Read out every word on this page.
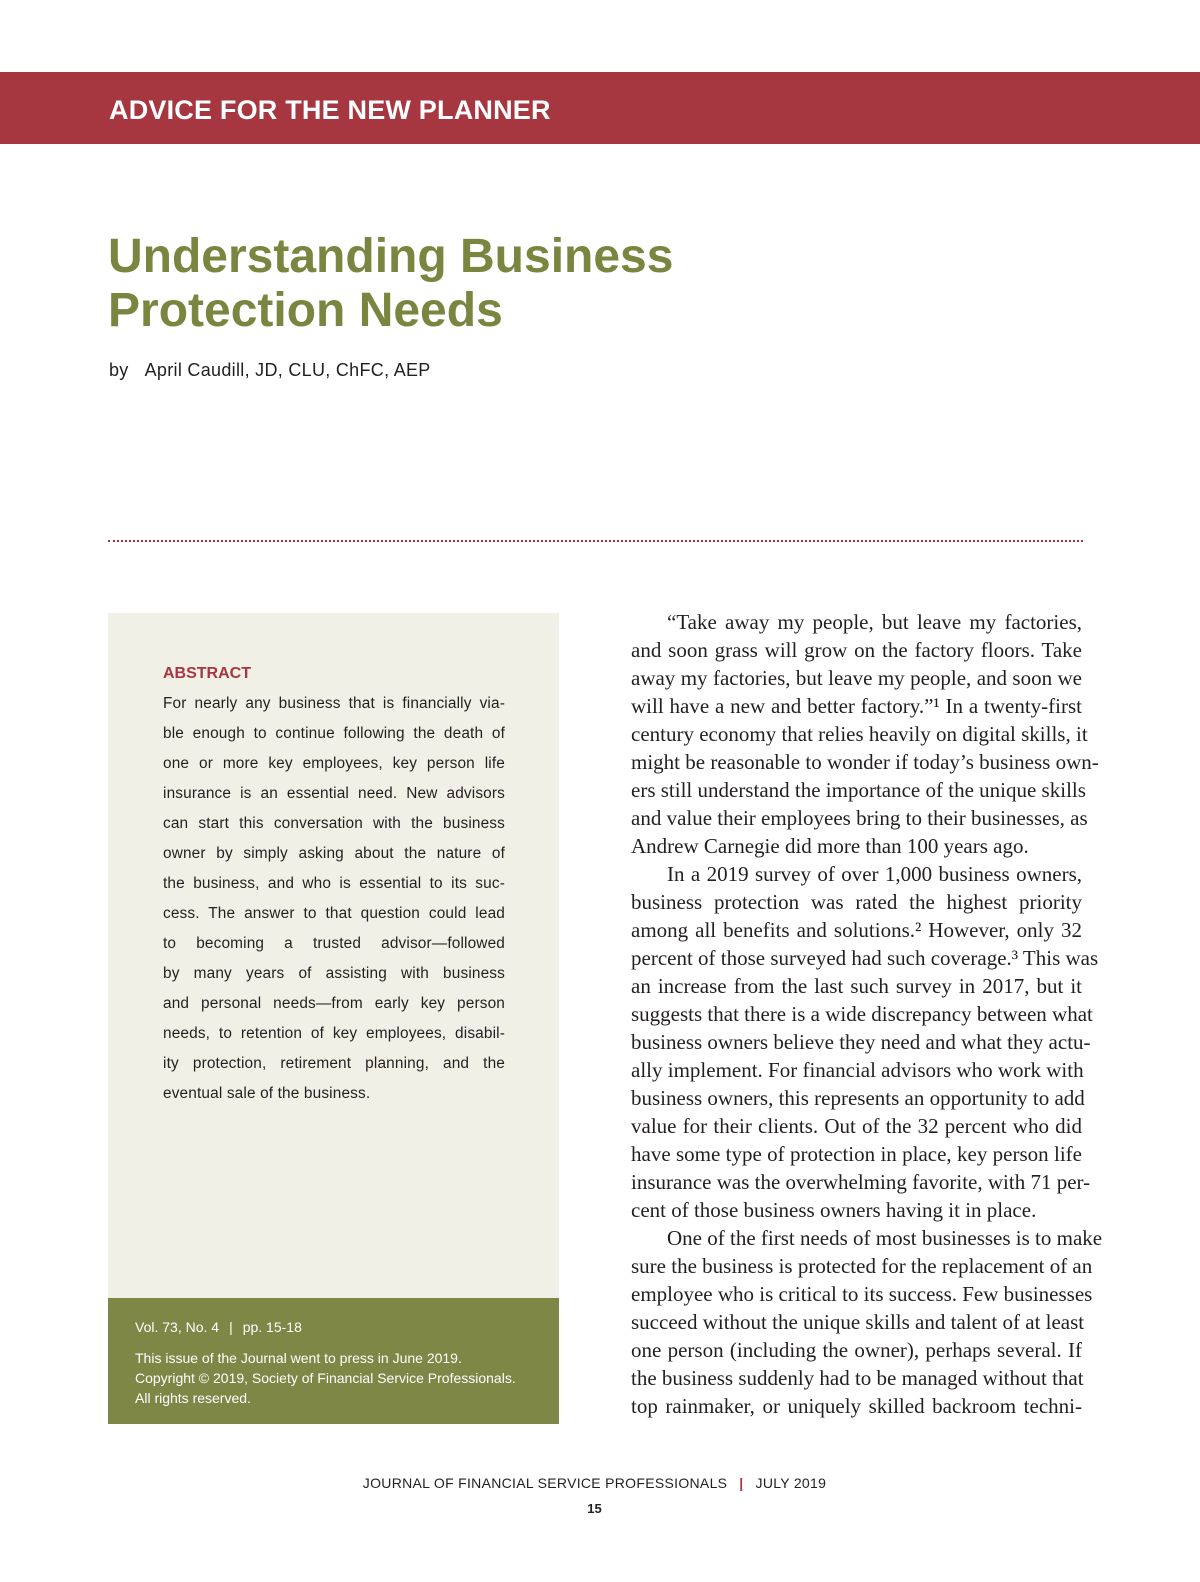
ADVICE FOR THE NEW PLANNER
Understanding Business
Protection Needs
by April Caudill, JD, CLU, ChFC, AEP
ABSTRACT
For nearly any business that is financially via-
ble enough to continue following the death of
one or more key employees, key person life
insurance is an essential need. New advisors
can start this conversation with the business
owner by simply asking about the nature of
the business, and who is essential to its suc-
cess. The answer to that question could lead
to becoming a trusted advisor—followed
by many years of assisting with business
and personal needs—from early key person
needs, to retention of key employees, disabil-
ity protection, retirement planning, and the
eventual sale of the business.
Vol. 73, No. 4 | pp. 15-18
This issue of the Journal went to press in June 2019.
Copyright © 2019, Society of Financial Service Professionals.
All rights reserved.
“Take away my people, but leave my factories,
and soon grass will grow on the factory floors. Take
away my factories, but leave my people, and soon we
will have a new and better factory.”¹ In a twenty-first
century economy that relies heavily on digital skills, it
might be reasonable to wonder if today’s business own-
ers still understand the importance of the unique skills
and value their employees bring to their businesses, as
Andrew Carnegie did more than 100 years ago.
In a 2019 survey of over 1,000 business owners,
business protection was rated the highest priority
among all benefits and solutions.² However, only 32
percent of those surveyed had such coverage.³ This was
an increase from the last such survey in 2017, but it
suggests that there is a wide discrepancy between what
business owners believe they need and what they actu-
ally implement. For financial advisors who work with
business owners, this represents an opportunity to add
value for their clients. Out of the 32 percent who did
have some type of protection in place, key person life
insurance was the overwhelming favorite, with 71 per-
cent of those business owners having it in place.
One of the first needs of most businesses is to make
sure the business is protected for the replacement of an
employee who is critical to its success. Few businesses
succeed without the unique skills and talent of at least
one person (including the owner), perhaps several. If
the business suddenly had to be managed without that
top rainmaker, or uniquely skilled backroom techni-
JOURNAL OF FINANCIAL SERVICE PROFESSIONALS | JULY 2019
15
